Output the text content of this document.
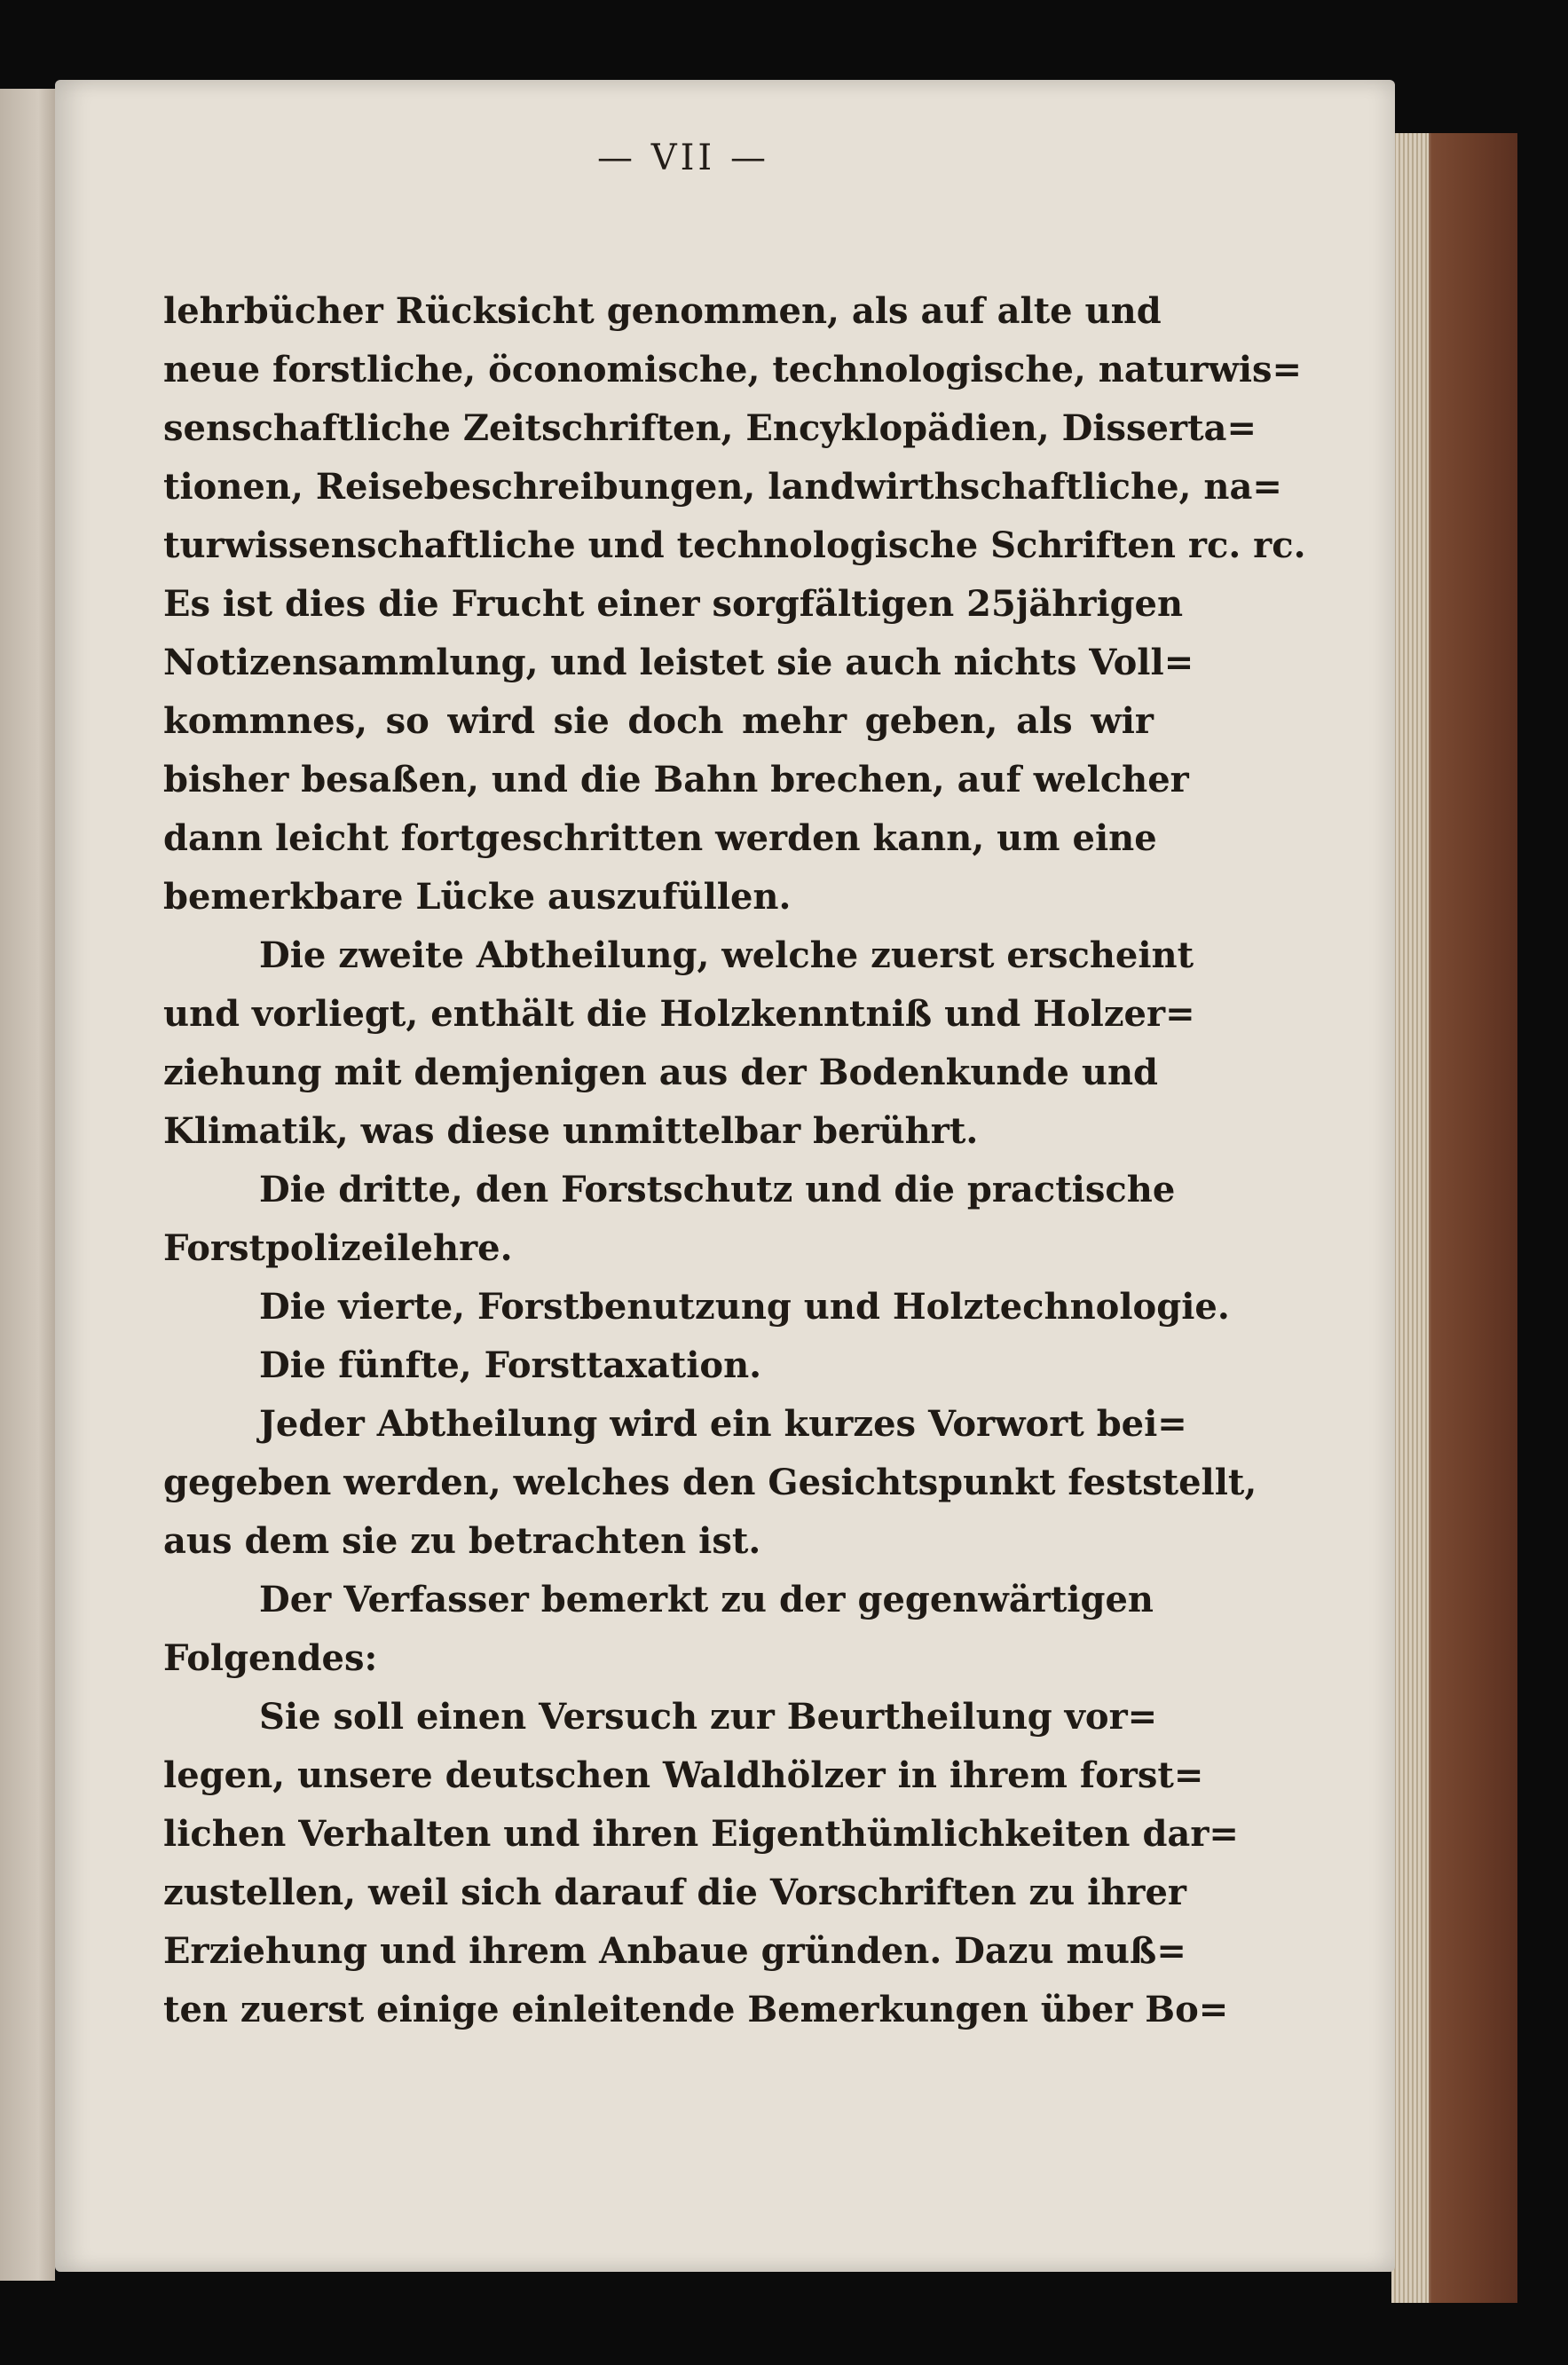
— VII —
lehrbücher Rücksicht genommen, als auf alte und
neue forstliche, öconomische, technologische, naturwis=
senschaftliche Zeitschriften, Encyklopädien, Disserta=
tionen, Reisebeschreibungen, landwirthschaftliche, na=
turwissenschaftliche und technologische Schriften rc. rc.
Es ist dies die Frucht einer sorgfältigen 25jährigen
Notizensammlung, und leistet sie auch nichts Voll=
kommnes, so wird sie doch mehr geben, als wir
bisher besaßen, und die Bahn brechen, auf welcher
dann leicht fortgeschritten werden kann, um eine
bemerkbare Lücke auszufüllen.
Die zweite Abtheilung, welche zuerst erscheint
und vorliegt, enthält die Holzkenntniß und Holzer=
ziehung mit demjenigen aus der Bodenkunde und
Klimatik, was diese unmittelbar berührt.
Die dritte, den Forstschutz und die practische
Forstpolizeilehre.
Die vierte, Forstbenutzung und Holztechnologie.
Die fünfte, Forsttaxation.
Jeder Abtheilung wird ein kurzes Vorwort bei=
gegeben werden, welches den Gesichtspunkt feststellt,
aus dem sie zu betrachten ist.
Der Verfasser bemerkt zu der gegenwärtigen
Folgendes:
Sie soll einen Versuch zur Beurtheilung vor=
legen, unsere deutschen Waldhölzer in ihrem forst=
lichen Verhalten und ihren Eigenthümlichkeiten dar=
zustellen, weil sich darauf die Vorschriften zu ihrer
Erziehung und ihrem Anbaue gründen. Dazu muß=
ten zuerst einige einleitende Bemerkungen über Bo=
